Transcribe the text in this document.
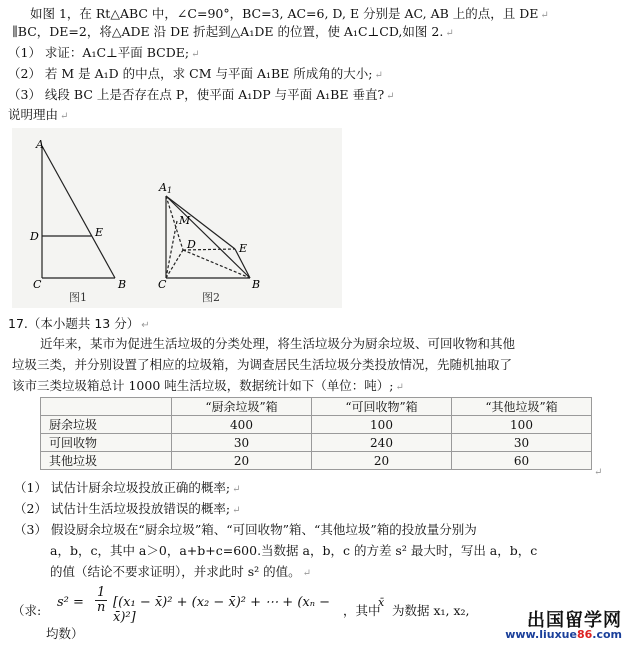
如图 1，在 Rt△ABC 中，∠C=90°，BC=3, AC=6, D, E 分别是 AC, AB 上的点，且 DE ↵
∥BC，DE=2，将△ADE 沿 DE 折起到△A₁DE 的位置，使 A₁C⊥CD,如图 2. ↵
（1） 求证：A₁C⊥平面 BCDE; ↵
（2） 若 M 是 A₁D 的中点，求 CM 与平面 A₁BE 所成角的大小; ↵
（3） 线段 BC 上是否存在点 P，使平面 A₁DP 与平面 A₁BE 垂直? ↵
说明理由 ↵
A
D	E
C	B
图1
A1
M
D	E
C	B
图2
17.（本小题共 13 分） ↵
近年来，某市为促进生活垃圾的分类处理，将生活垃圾分为厨余垃圾、可回收物和其他
垃圾三类，并分别设置了相应的垃圾箱，为调查居民生活垃圾分类投放情况，先随机抽取了
该市三类垃圾箱总计 1000 吨生活垃圾，数据统计如下（单位：吨）; ↵
	“厨余垃圾”箱	“可回收物”箱	“其他垃圾”箱
厨余垃圾	400	100	100
可回收物	30	240	30
其他垃圾	20	20	60
↵
（1） 试估计厨余垃圾投放正确的概率; ↵
（2） 试估计生活垃圾投放错误的概率; ↵
（3） 假设厨余垃圾在“厨余垃圾”箱、“可回收物”箱、“其他垃圾”箱的投放量分别为
a，b，c，其中 a＞0，a+b+c=600.当数据 a，b，c 的方差 s² 最大时，写出 a，b，c
的值（结论不要求证明），并求此时 s² 的值。 ↵
（求:
$s^2 = \frac{1}{n} [(x_1$ − x̄)² + (x₂ − x̄)² + ⋯ + (xₙ − x̄)²]	，其中
x̄
为数据 x₁, x₂,
均数）
出国留学网
www.liuxue86.com
